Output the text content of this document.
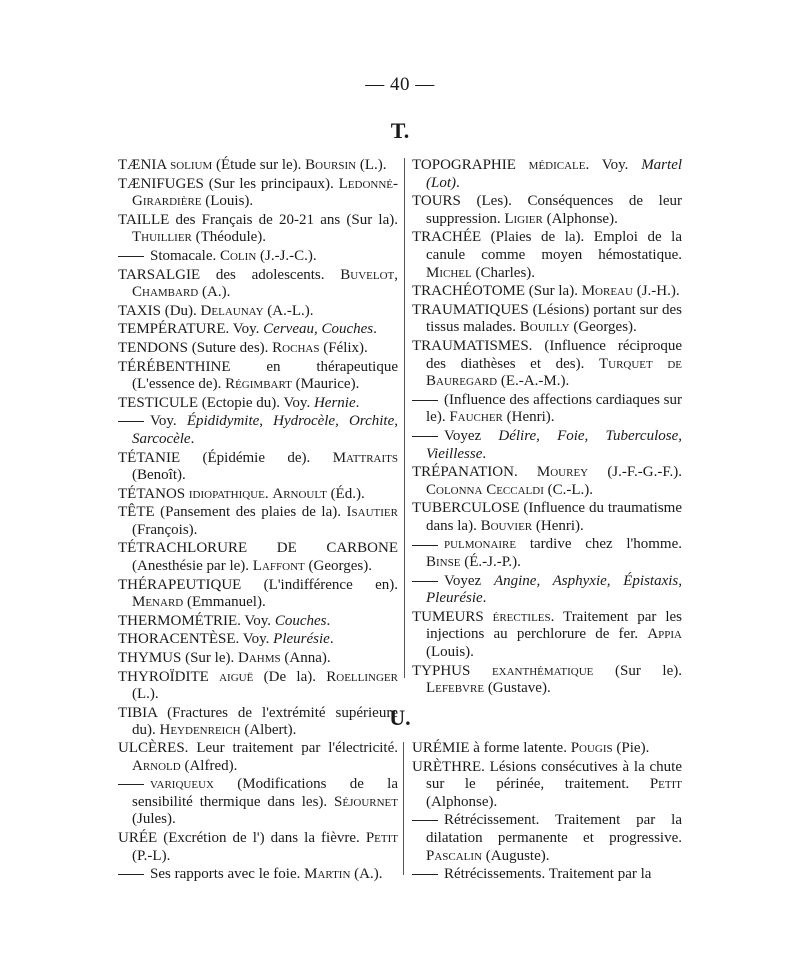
— 40 —
T.

TÆNIA solium (Étude sur le). Boursin (L.).

TÆNIFUGES (Sur les principaux). Ledonné-Girardière (Louis).

TAILLE des Français de 20-21 ans (Sur la). Thuillier (Théodule).

Stomacale. Colin (J.-J.-C.).

TARSALGIE des adolescents. Buvelot, Chambard (A.).

TAXIS (Du). Delaunay (A.-L.).

TEMPÉRATURE. Voy. Cerveau, Couches.

TENDONS (Suture des). Rochas (Félix).

TÉRÉBENTHINE en thérapeutique (L'essence de). Régimbart (Maurice).

TESTICULE (Ectopie du). Voy. Hernie.

Voy. Épididymite, Hydrocèle, Orchite, Sarcocèle.

TÉTANIE (Épidémie de). Mattraits (Benoît).

TÉTANOS idiopathique. Arnoult (Éd.).

TÊTE (Pansement des plaies de la). Isautier (François).

TÉTRACHLORURE DE CARBONE (Anesthésie par le). Laffont (Georges).

THÉRAPEUTIQUE (L'indifférence en). Menard (Emmanuel).

THERMOMÉTRIE. Voy. Couches.

THORACENTÈSE. Voy. Pleurésie.

THYMUS (Sur le). Dahms (Anna).

THYROÏDITE aiguë (De la). Roellinger (L.).

TIBIA (Fractures de l'extrémité supérieure du). Heydenreich (Albert).

TOPOGRAPHIE médicale. Voy. Martel (Lot).

TOURS (Les). Conséquences de leur suppression. Ligier (Alphonse).

TRACHÉE (Plaies de la). Emploi de la canule comme moyen hémostatique. Michel (Charles).

TRACHÉOTOME (Sur la). Moreau (J.-H.).

TRAUMATIQUES (Lésions) portant sur des tissus malades. Bouilly (Georges).

TRAUMATISMES. (Influence réciproque des diathèses et des). Turquet de Bauregard (E.-A.-M.).

(Influence des affections cardiaques sur le). Faucher (Henri).

Voyez Délire, Foie, Tuberculose, Vieillesse.

TRÉPANATION. Mourey (J.-F.-G.-F.). Colonna Ceccaldi (C.-L.).

TUBERCULOSE (Influence du traumatisme dans la). Bouvier (Henri).

pulmonaire tardive chez l'homme. Binse (É.-J.-P.).

Voyez Angine, Asphyxie, Épistaxis, Pleurésie.

TUMEURS érectiles. Traitement par les injections au perchlorure de fer. Appia (Louis).

TYPHUS exanthématique (Sur le). Lefebvre (Gustave).

U.

ULCÈRES. Leur traitement par l'électricité. Arnold (Alfred).

variqueux (Modifications de la sensibilité thermique dans les). Séjournet (Jules).

URÉE (Excrétion de l') dans la fièvre. Petit (P.-L).

Ses rapports avec le foie. Martin (A.).

URÉMIE à forme latente. Pougis (Pie).

URÈTHRE. Lésions consécutives à la chute sur le périnée, traitement. Petit (Alphonse).

Rétrécissement. Traitement par la dilatation permanente et progressive. Pascalin (Auguste).

Rétrécissements. Traitement par la
